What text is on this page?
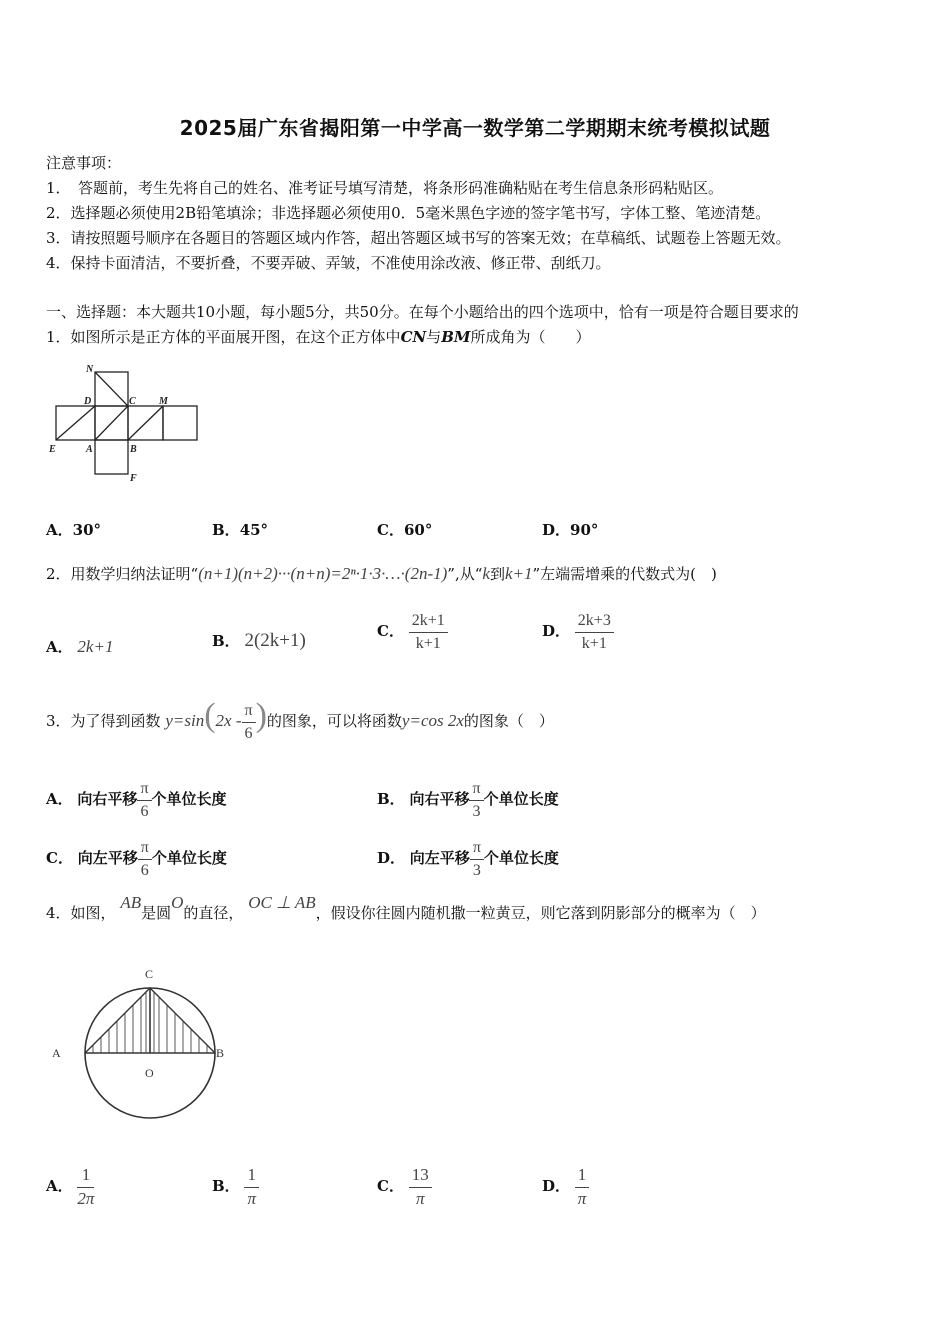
2025届广东省揭阳第一中学高一数学第二学期期末统考模拟试题
注意事项：
1．　答题前，考生先将自己的姓名、准考证号填写清楚，将条形码准确粘贴在考生信息条形码粘贴区。
2．选择题必须使用2B铅笔填涂；非选择题必须使用0．5毫米黑色字迹的签字笔书写，字体工整、笔迹清楚。
3．请按照题号顺序在各题目的答题区域内作答，超出答题区域书写的答案无效；在草稿纸、试题卷上答题无效。
4．保持卡面清洁，不要折叠，不要弄破、弄皱，不准使用涂改液、修正带、刮纸刀。
一、选择题：本大题共10小题，每小题5分，共50分。在每个小题给出的四个选项中，恰有一项是符合题目要求的
1．如图所示是正方体的平面展开图，在这个正方体中CN与BM所成角为（　　）
N
D	C M
E	A	B
F
A．30°	B．45°	C．60°	D．90°
2．用数学归纳法证明“(n+1)(n+2)···(n+n)=2ⁿ·1·3·…·(2n-1)”,从“k到k+1”左端需增乘的代数式为(　)
A． 2k+1	B． 2(2k+1)	C． $\frac{2k+1}{k+1}$	D． $\frac{2k+3}{k+1}$
3．为了得到函数 $y=\sin(2x - \frac{\pi}{6}$ )的图象，可以将函数y=cos 2x的图象（　）
A． 向右平移 $\frac{\pi}{6}$ 个单位长度	B． 向右平移 $\frac{\pi}{3}$ 个单位长度
C． 向左平移 $\frac{\pi}{6}$ 个单位长度	D． 向左平移 $\frac{\pi}{3}$ 个单位长度
4．如图， AB是圆O的直径， OC ⊥ AB，假设你往圆内随机撒一粒黄豆，则它落到阴影部分的概率为（　）
C
A	B
O
A． $\frac{1}{2\pi}$	B． $\frac{1}{\pi}$	C． $\frac{13}{\pi}$	D． $\frac{1}{\pi}$
